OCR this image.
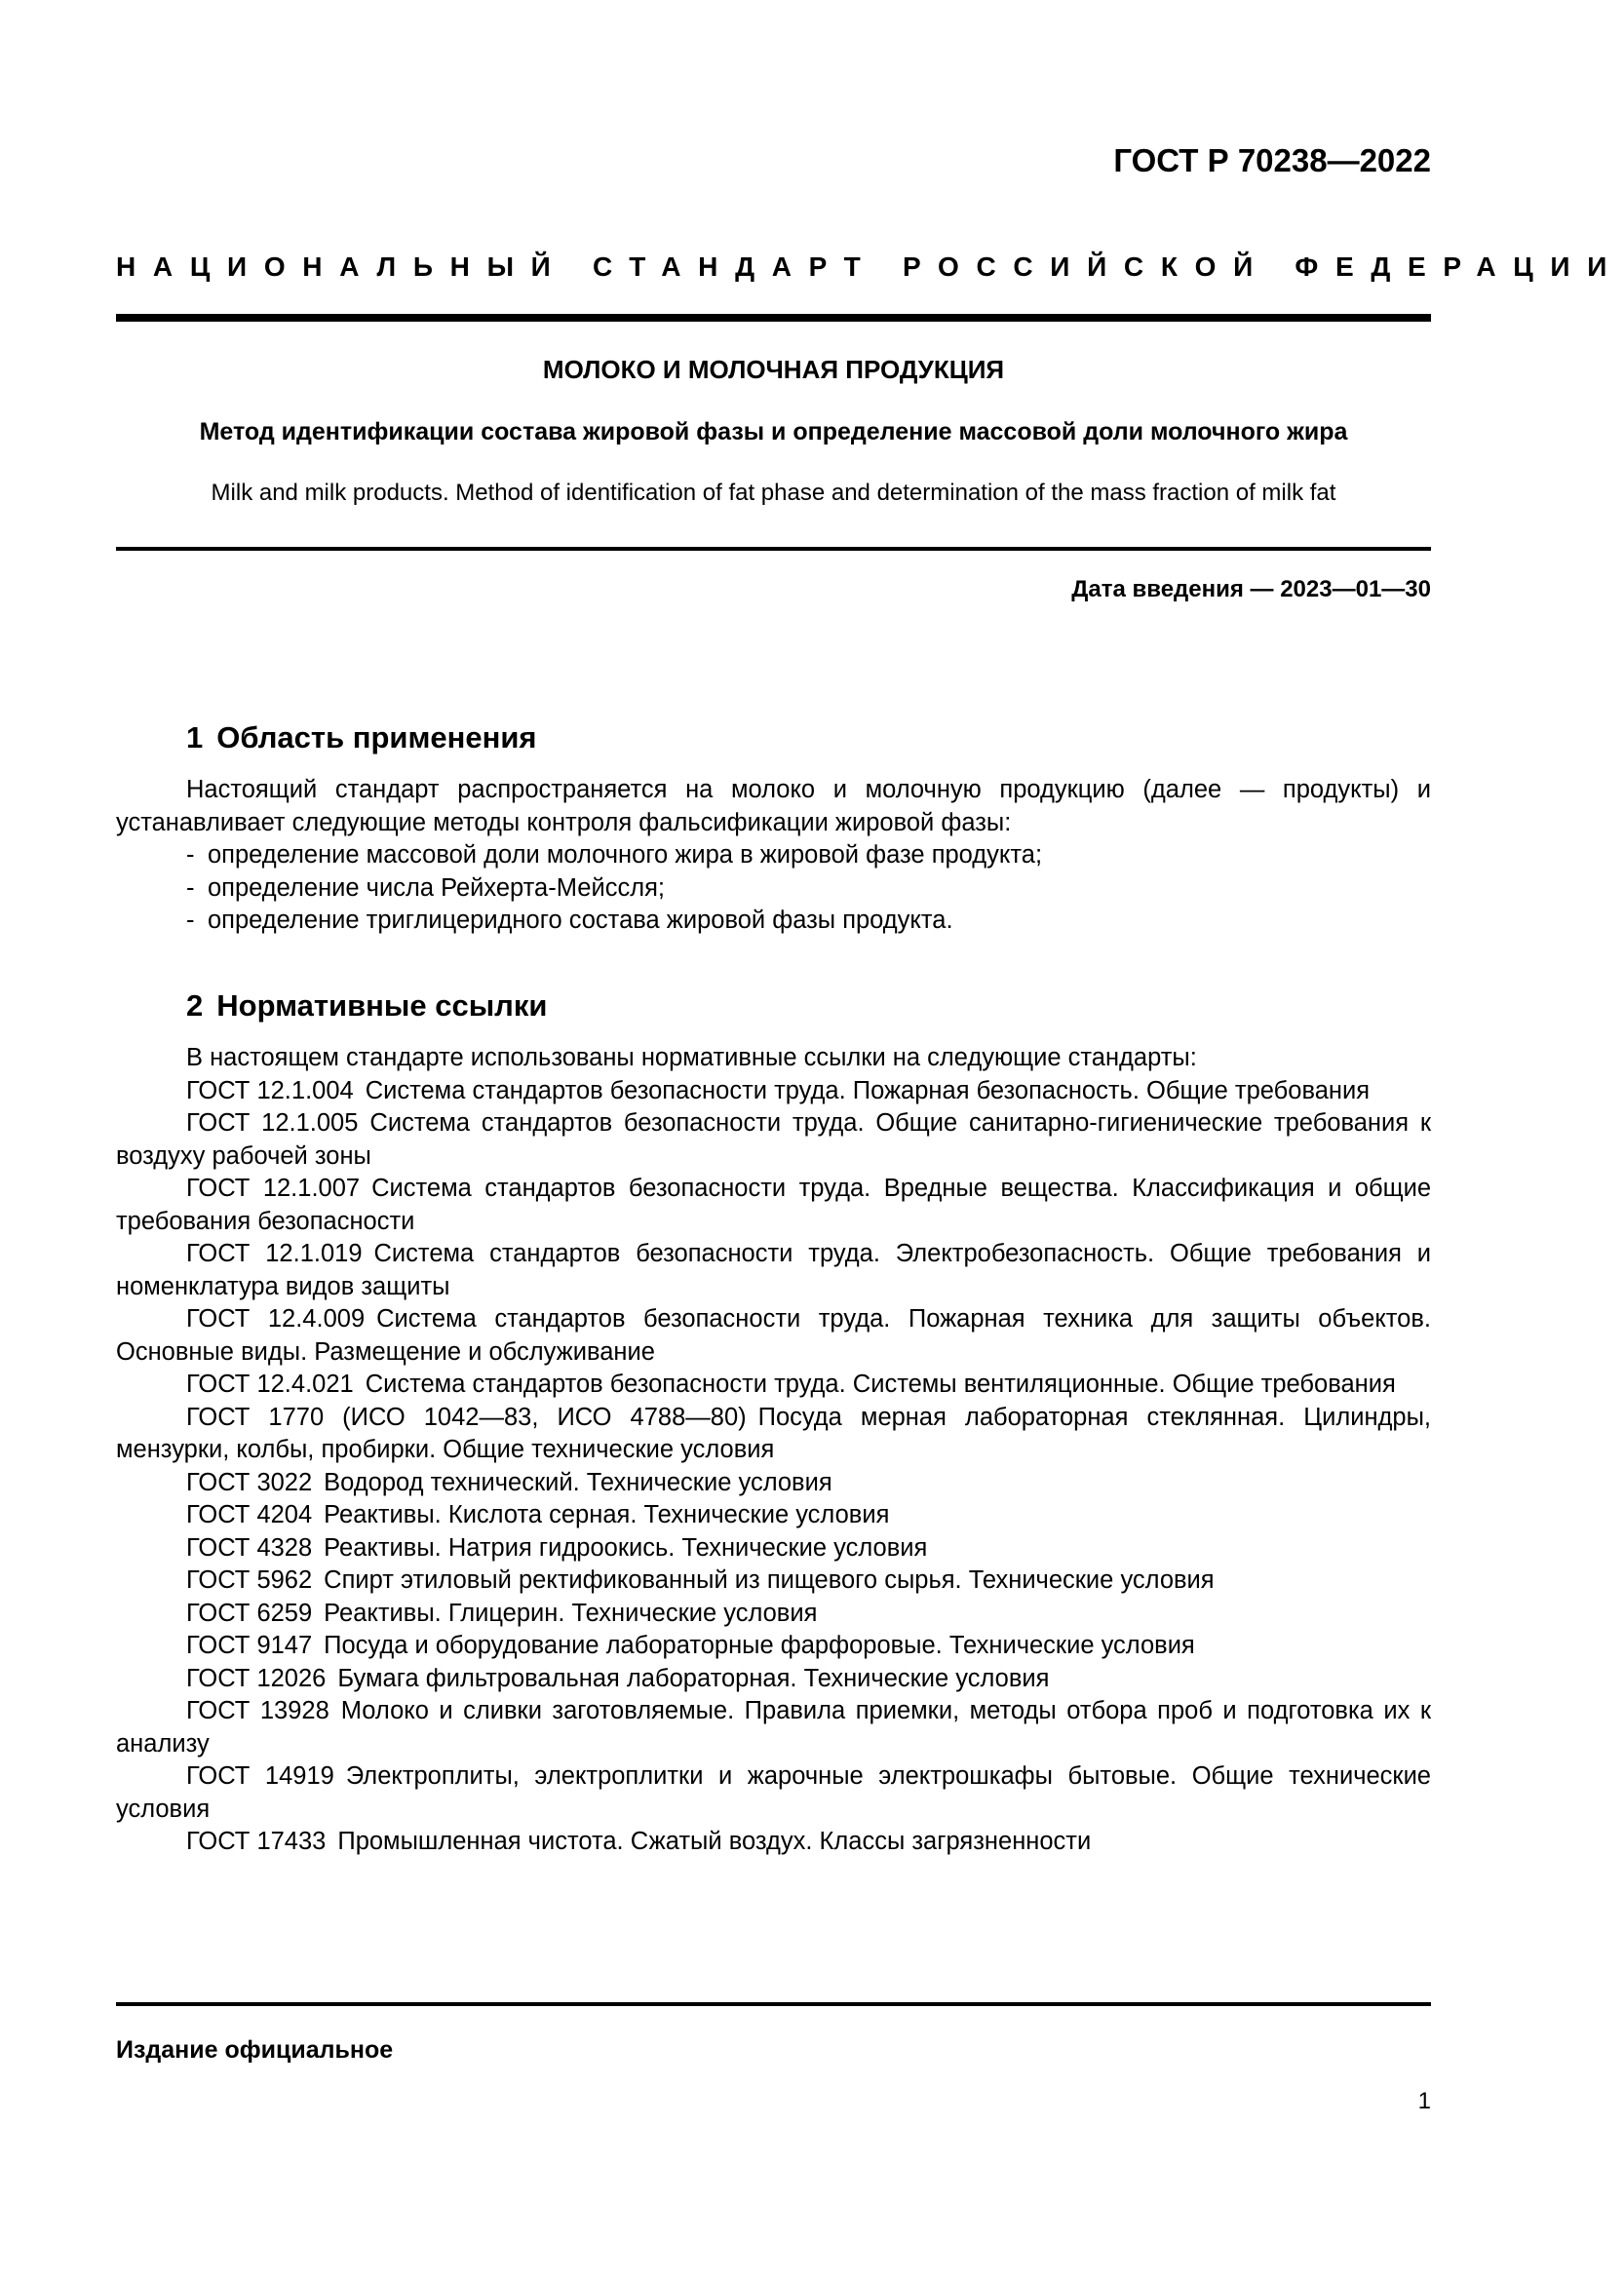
ГОСТ Р 70238—2022
НАЦИОНАЛЬНЫЙ СТАНДАРТ РОССИЙСКОЙ ФЕДЕРАЦИИ
МОЛОКО И МОЛОЧНАЯ ПРОДУКЦИЯ
Метод идентификации состава жировой фазы и определение массовой доли молочного жира
Milk and milk products. Method of identification of fat phase and determination of the mass fraction of milk fat
Дата введения — 2023—01—30
1 Область применения

Настоящий стандарт распространяется на молоко и молочную продукцию (далее — продукты) и устанавливает следующие методы контроля фальсификации жировой фазы:

- определение массовой доли молочного жира в жировой фазе продукта;
- определение числа Рейхерта-Мейссля;
- определение триглицеридного состава жировой фазы продукта.
2 Нормативные ссылки

В настоящем стандарте использованы нормативные ссылки на следующие стандарты:

ГОСТ 12.1.004 Система стандартов безопасности труда. Пожарная безопасность. Общие требования
ГОСТ 12.1.005 Система стандартов безопасности труда. Общие санитарно-гигиенические требования к воздуху рабочей зоны
ГОСТ 12.1.007 Система стандартов безопасности труда. Вредные вещества. Классификация и общие требования безопасности
ГОСТ 12.1.019 Система стандартов безопасности труда. Электробезопасность. Общие требования и номенклатура видов защиты
ГОСТ 12.4.009 Система стандартов безопасности труда. Пожарная техника для защиты объектов. Основные виды. Размещение и обслуживание
ГОСТ 12.4.021 Система стандартов безопасности труда. Системы вентиляционные. Общие требования
ГОСТ 1770 (ИСО 1042—83, ИСО 4788—80) Посуда мерная лабораторная стеклянная. Цилиндры, мензурки, колбы, пробирки. Общие технические условия
ГОСТ 3022 Водород технический. Технические условия
ГОСТ 4204 Реактивы. Кислота серная. Технические условия
ГОСТ 4328 Реактивы. Натрия гидроокись. Технические условия
ГОСТ 5962 Спирт этиловый ректификованный из пищевого сырья. Технические условия
ГОСТ 6259 Реактивы. Глицерин. Технические условия
ГОСТ 9147 Посуда и оборудование лабораторные фарфоровые. Технические условия
ГОСТ 12026 Бумага фильтровальная лабораторная. Технические условия
ГОСТ 13928 Молоко и сливки заготовляемые. Правила приемки, методы отбора проб и подготовка их к анализу
ГОСТ 14919 Электроплиты, электроплитки и жарочные электрошкафы бытовые. Общие технические условия
ГОСТ 17433 Промышленная чистота. Сжатый воздух. Классы загрязненности
Издание официальное
1
